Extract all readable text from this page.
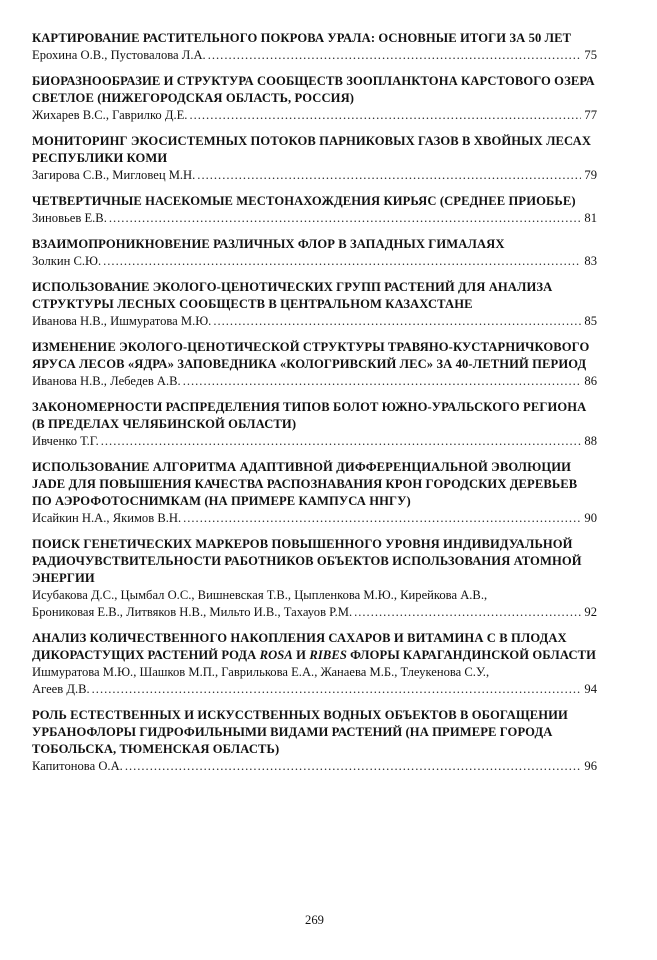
КАРТИРОВАНИЕ РАСТИТЕЛЬНОГО ПОКРОВА УРАЛА: ОСНОВНЫЕ ИТОГИ ЗА 50 ЛЕТ
Ерохина О.В., Пустовалова Л.А. .....	75
БИОРАЗНООБРАЗИЕ И СТРУКТУРА СООБЩЕСТВ ЗООПЛАНКТОНА КАРСТОВОГО ОЗЕРА СВЕТЛОЕ (НИЖЕГОРОДСКАЯ ОБЛАСТЬ, РОССИЯ)
Жихарев В.С., Гаврилко Д.Е. .....	77
МОНИТОРИНГ ЭКОСИСТЕМНЫХ ПОТОКОВ ПАРНИКОВЫХ ГАЗОВ В ХВОЙНЫХ ЛЕСАХ РЕСПУБЛИКИ КОМИ
Загирова С.В., Мигловец М.Н. .....	79
ЧЕТВЕРТИЧНЫЕ НАСЕКОМЫЕ МЕСТОНАХОЖДЕНИЯ КИРЬЯС (СРЕДНЕЕ ПРИОБЬЕ)
Зиновьев Е.В. .....	81
ВЗАИМОПРОНИКНОВЕНИЕ РАЗЛИЧНЫХ ФЛОР В ЗАПАДНЫХ ГИМАЛАЯХ
Золкин С.Ю. .....	83
ИСПОЛЬЗОВАНИЕ ЭКОЛОГО-ЦЕНОТИЧЕСКИХ ГРУПП РАСТЕНИЙ ДЛЯ АНАЛИЗА СТРУКТУРЫ ЛЕСНЫХ СООБЩЕСТВ В ЦЕНТРАЛЬНОМ КАЗАХСТАНЕ
Иванова Н.В., Ишмуратова М.Ю. .....	85
ИЗМЕНЕНИЕ ЭКОЛОГО-ЦЕНОТИЧЕСКОЙ СТРУКТУРЫ ТРАВЯНО-КУСТАРНИЧКОВОГО ЯРУСА ЛЕСОВ «ЯДРА» ЗАПОВЕДНИКА «КОЛОГРИВСКИЙ ЛЕС» ЗА 40-ЛЕТНИЙ ПЕРИОД
Иванова Н.В., Лебедев А.В. .....	86
ЗАКОНОМЕРНОСТИ РАСПРЕДЕЛЕНИЯ ТИПОВ БОЛОТ ЮЖНО-УРАЛЬСКОГО РЕГИОНА (В ПРЕДЕЛАХ ЧЕЛЯБИНСКОЙ ОБЛАСТИ)
Ивченко Т.Г. .....	88
ИСПОЛЬЗОВАНИЕ АЛГОРИТМА АДАПТИВНОЙ ДИФФЕРЕНЦИАЛЬНОЙ ЭВОЛЮЦИИ JADE ДЛЯ ПОВЫШЕНИЯ КАЧЕСТВА РАСПОЗНАВАНИЯ КРОН ГОРОДСКИХ ДЕРЕВЬЕВ ПО АЭРОФОТОСНИМКАМ (НА ПРИМЕРЕ КАМПУСА ННГУ)
Исайкин Н.А., Якимов В.Н. .....	90
ПОИСК ГЕНЕТИЧЕСКИХ МАРКЕРОВ ПОВЫШЕННОГО УРОВНЯ ИНДИВИДУАЛЬНОЙ РАДИОЧУВСТВИТЕЛЬНОСТИ РАБОТНИКОВ ОБЪЕКТОВ ИСПОЛЬЗОВАНИЯ АТОМНОЙ ЭНЕРГИИ
Исубакова Д.С., Цымбал О.С., Вишневская Т.В., Цыпленкова М.Ю., Кирейкова А.В.,
Брониковая Е.В., Литвяков Н.В., Мильто И.В., Тахауов Р.М. .....	92
АНАЛИЗ КОЛИЧЕСТВЕННОГО НАКОПЛЕНИЯ САХАРОВ И ВИТАМИНА С В ПЛОДАХ ДИКОРАСТУЩИХ РАСТЕНИЙ РОДА ROSA И RIBES ФЛОРЫ КАРАГАНДИНСКОЙ ОБЛАСТИ
Ишмуратова М.Ю., Шашков М.П., Гаврилькова Е.А., Жанаева М.Б., Тлеукенова С.У.,
Агеев Д.В. .....	94
РОЛЬ ЕСТЕСТВЕННЫХ И ИСКУССТВЕННЫХ ВОДНЫХ ОБЪЕКТОВ В ОБОГАЩЕНИИ УРБАНОФЛОРЫ ГИДРОФИЛЬНЫМИ ВИДАМИ РАСТЕНИЙ (НА ПРИМЕРЕ ГОРОДА ТОБОЛЬСКА, ТЮМЕНСКАЯ ОБЛАСТЬ)
Капитонова О.А. .....	96
269
